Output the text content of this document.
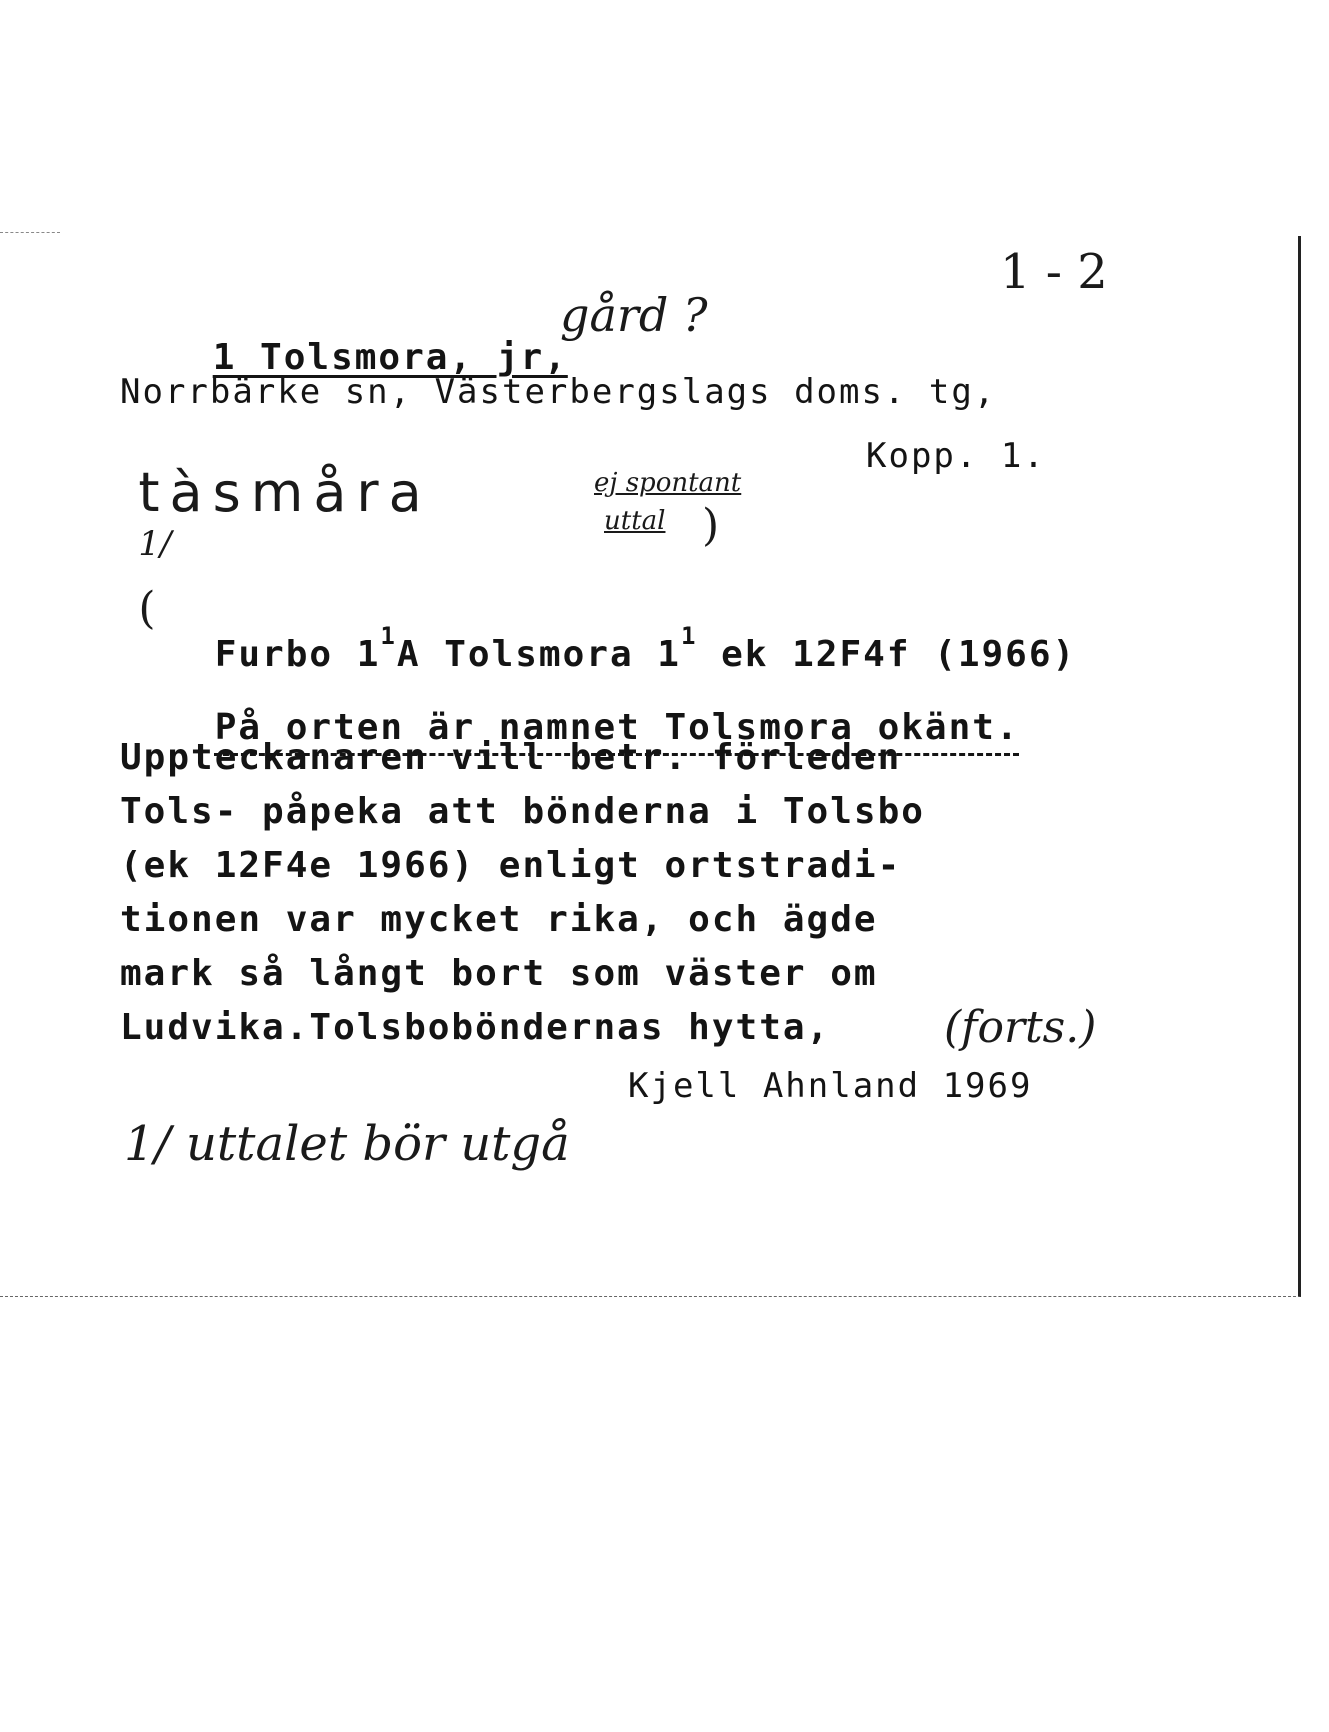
1 - 2

1 Tolsmora, jr,

gård ?
Norrbärke sn, Västerbergslags doms. tg,
Kopp. 1.

tàsmåra
1/
(

ej spontant
uttal )

Furbo $1^1A$ Tolsmora $1^1$ ek 12F4f (1966)

På orten är namnet Tolsmora okänt.

Uppteckanaren vill betr. förleden
Tols- påpeka att bönderna i Tolsbo
(ek 12F4e 1966) enligt ortstradi-
tionen var mycket rika, och ägde
mark så långt bort som väster om
Ludvika.Tolsboböndernas hytta,	(forts.)
Kjell Ahnland 1969
1/ uttalet bör utgå
